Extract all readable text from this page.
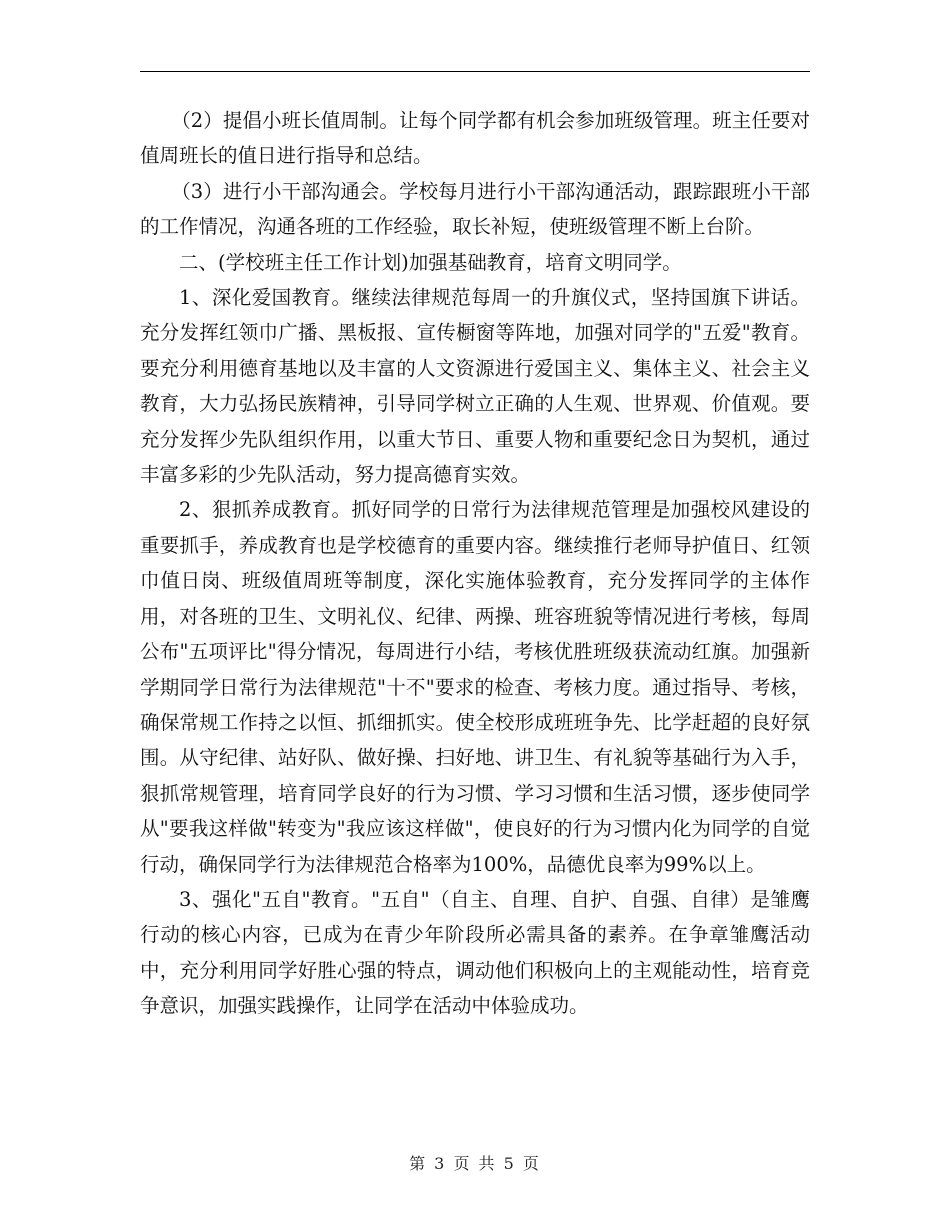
（2）提倡小班长值周制。让每个同学都有机会参加班级管理。班主任要对值周班长的值日进行指导和总结。

（3）进行小干部沟通会。学校每月进行小干部沟通活动，跟踪跟班小干部的工作情况，沟通各班的工作经验，取长补短，使班级管理不断上台阶。

二、(学校班主任工作计划)加强基础教育，培育文明同学。

1、深化爱国教育。继续法律规范每周一的升旗仪式，坚持国旗下讲话。充分发挥红领巾广播、黑板报、宣传橱窗等阵地，加强对同学的"五爱"教育。要充分利用德育基地以及丰富的人文资源进行爱国主义、集体主义、社会主义教育，大力弘扬民族精神，引导同学树立正确的人生观、世界观、价值观。要充分发挥少先队组织作用，以重大节日、重要人物和重要纪念日为契机，通过丰富多彩的少先队活动，努力提高德育实效。

2、狠抓养成教育。抓好同学的日常行为法律规范管理是加强校风建设的重要抓手，养成教育也是学校德育的重要内容。继续推行老师导护值日、红领巾值日岗、班级值周班等制度，深化实施体验教育，充分发挥同学的主体作用，对各班的卫生、文明礼仪、纪律、两操、班容班貌等情况进行考核，每周公布"五项评比"得分情况，每周进行小结，考核优胜班级获流动红旗。加强新学期同学日常行为法律规范"十不"要求的检查、考核力度。通过指导、考核，确保常规工作持之以恒、抓细抓实。使全校形成班班争先、比学赶超的良好氛围。从守纪律、站好队、做好操、扫好地、讲卫生、有礼貌等基础行为入手，狠抓常规管理，培育同学良好的行为习惯、学习习惯和生活习惯，逐步使同学从"要我这样做"转变为"我应该这样做"，使良好的行为习惯内化为同学的自觉行动，确保同学行为法律规范合格率为100%，品德优良率为99%以上。

3、强化"五自"教育。"五自"（自主、自理、自护、自强、自律）是雏鹰行动的核心内容，已成为在青少年阶段所必需具备的素养。在争章雏鹰活动中，充分利用同学好胜心强的特点，调动他们积极向上的主观能动性，培育竞争意识，加强实践操作，让同学在活动中体验成功。

第 3 页 共 5 页
